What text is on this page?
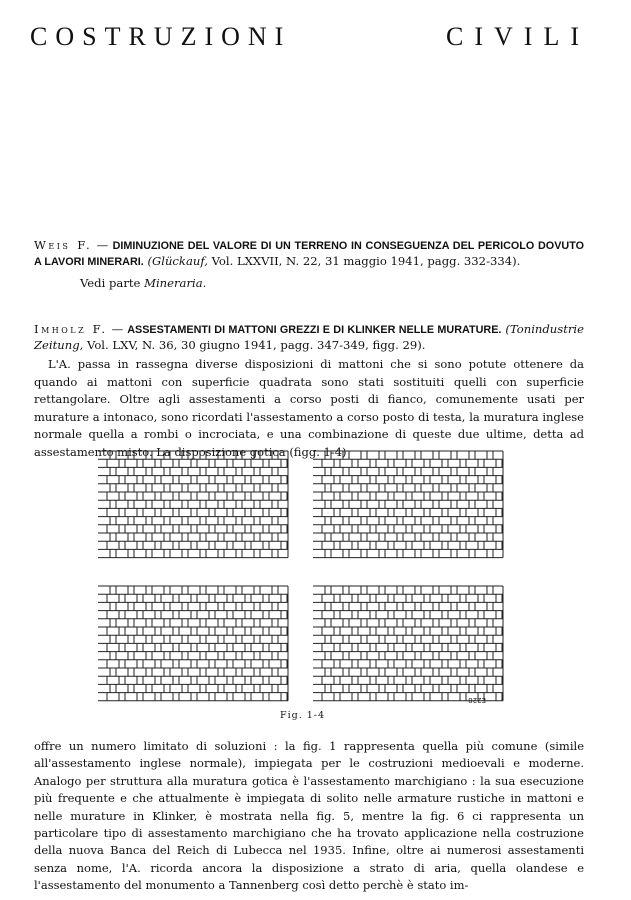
COSTRUZIONI	CIVILI
Weis F. — DIMINUZIONE DEL VALORE DI UN TERRENO IN CONSEGUENZA DEL PERICOLO DOVUTO A LAVORI MINERARI. (Glückauf, Vol. LXXVII, N. 22, 31 maggio 1941, pagg. 332-334).
Vedi parte Mineraria.
Imholz F. — ASSESTAMENTI DI MATTONI GREZZI E DI KLINKER NELLE MURATURE. (Tonindustrie Zeitung, Vol. LXV, N. 36, 30 giugno 1941, pagg. 347-349, figg. 29).
L'A. passa in rassegna diverse disposizioni di mattoni che si sono potute ottenere da quando ai mattoni con superficie quadrata sono stati sostituiti quelli con superficie rettangolare. Oltre agli assestamenti a corso posti di fianco, comunemente usati per murature a intonaco, sono ricordati l'assestamento a corso posto di testa, la muratura inglese normale quella a rombi o incrociata, e una combinazione di queste due ultime, detta ad assestamento misto. La disposizione gotica (figg. 1-4)
E228
Fig. 1-4
offre un numero limitato di soluzioni : la fig. 1 rappresenta quella più comune (simile all'assestamento inglese normale), impiegata per le costruzioni medioevali e moderne. Analogo per struttura alla muratura gotica è l'assestamento marchigiano : la sua esecuzione più frequente e che attualmente è impiegata di solito nelle armature rustiche in mattoni e nelle murature in Klinker, è mostrata nella fig. 5, mentre la fig. 6 ci rappresenta un particolare tipo di assestamento marchigiano che ha trovato applicazione nella costruzione della nuova Banca del Reich di Lubecca nel 1935. Infine, oltre ai numerosi assestamenti senza nome, l'A. ricorda ancora la disposizione a strato di aria, quella olandese e l'assestamento del monumento a Tannenberg così detto perchè è stato im-
